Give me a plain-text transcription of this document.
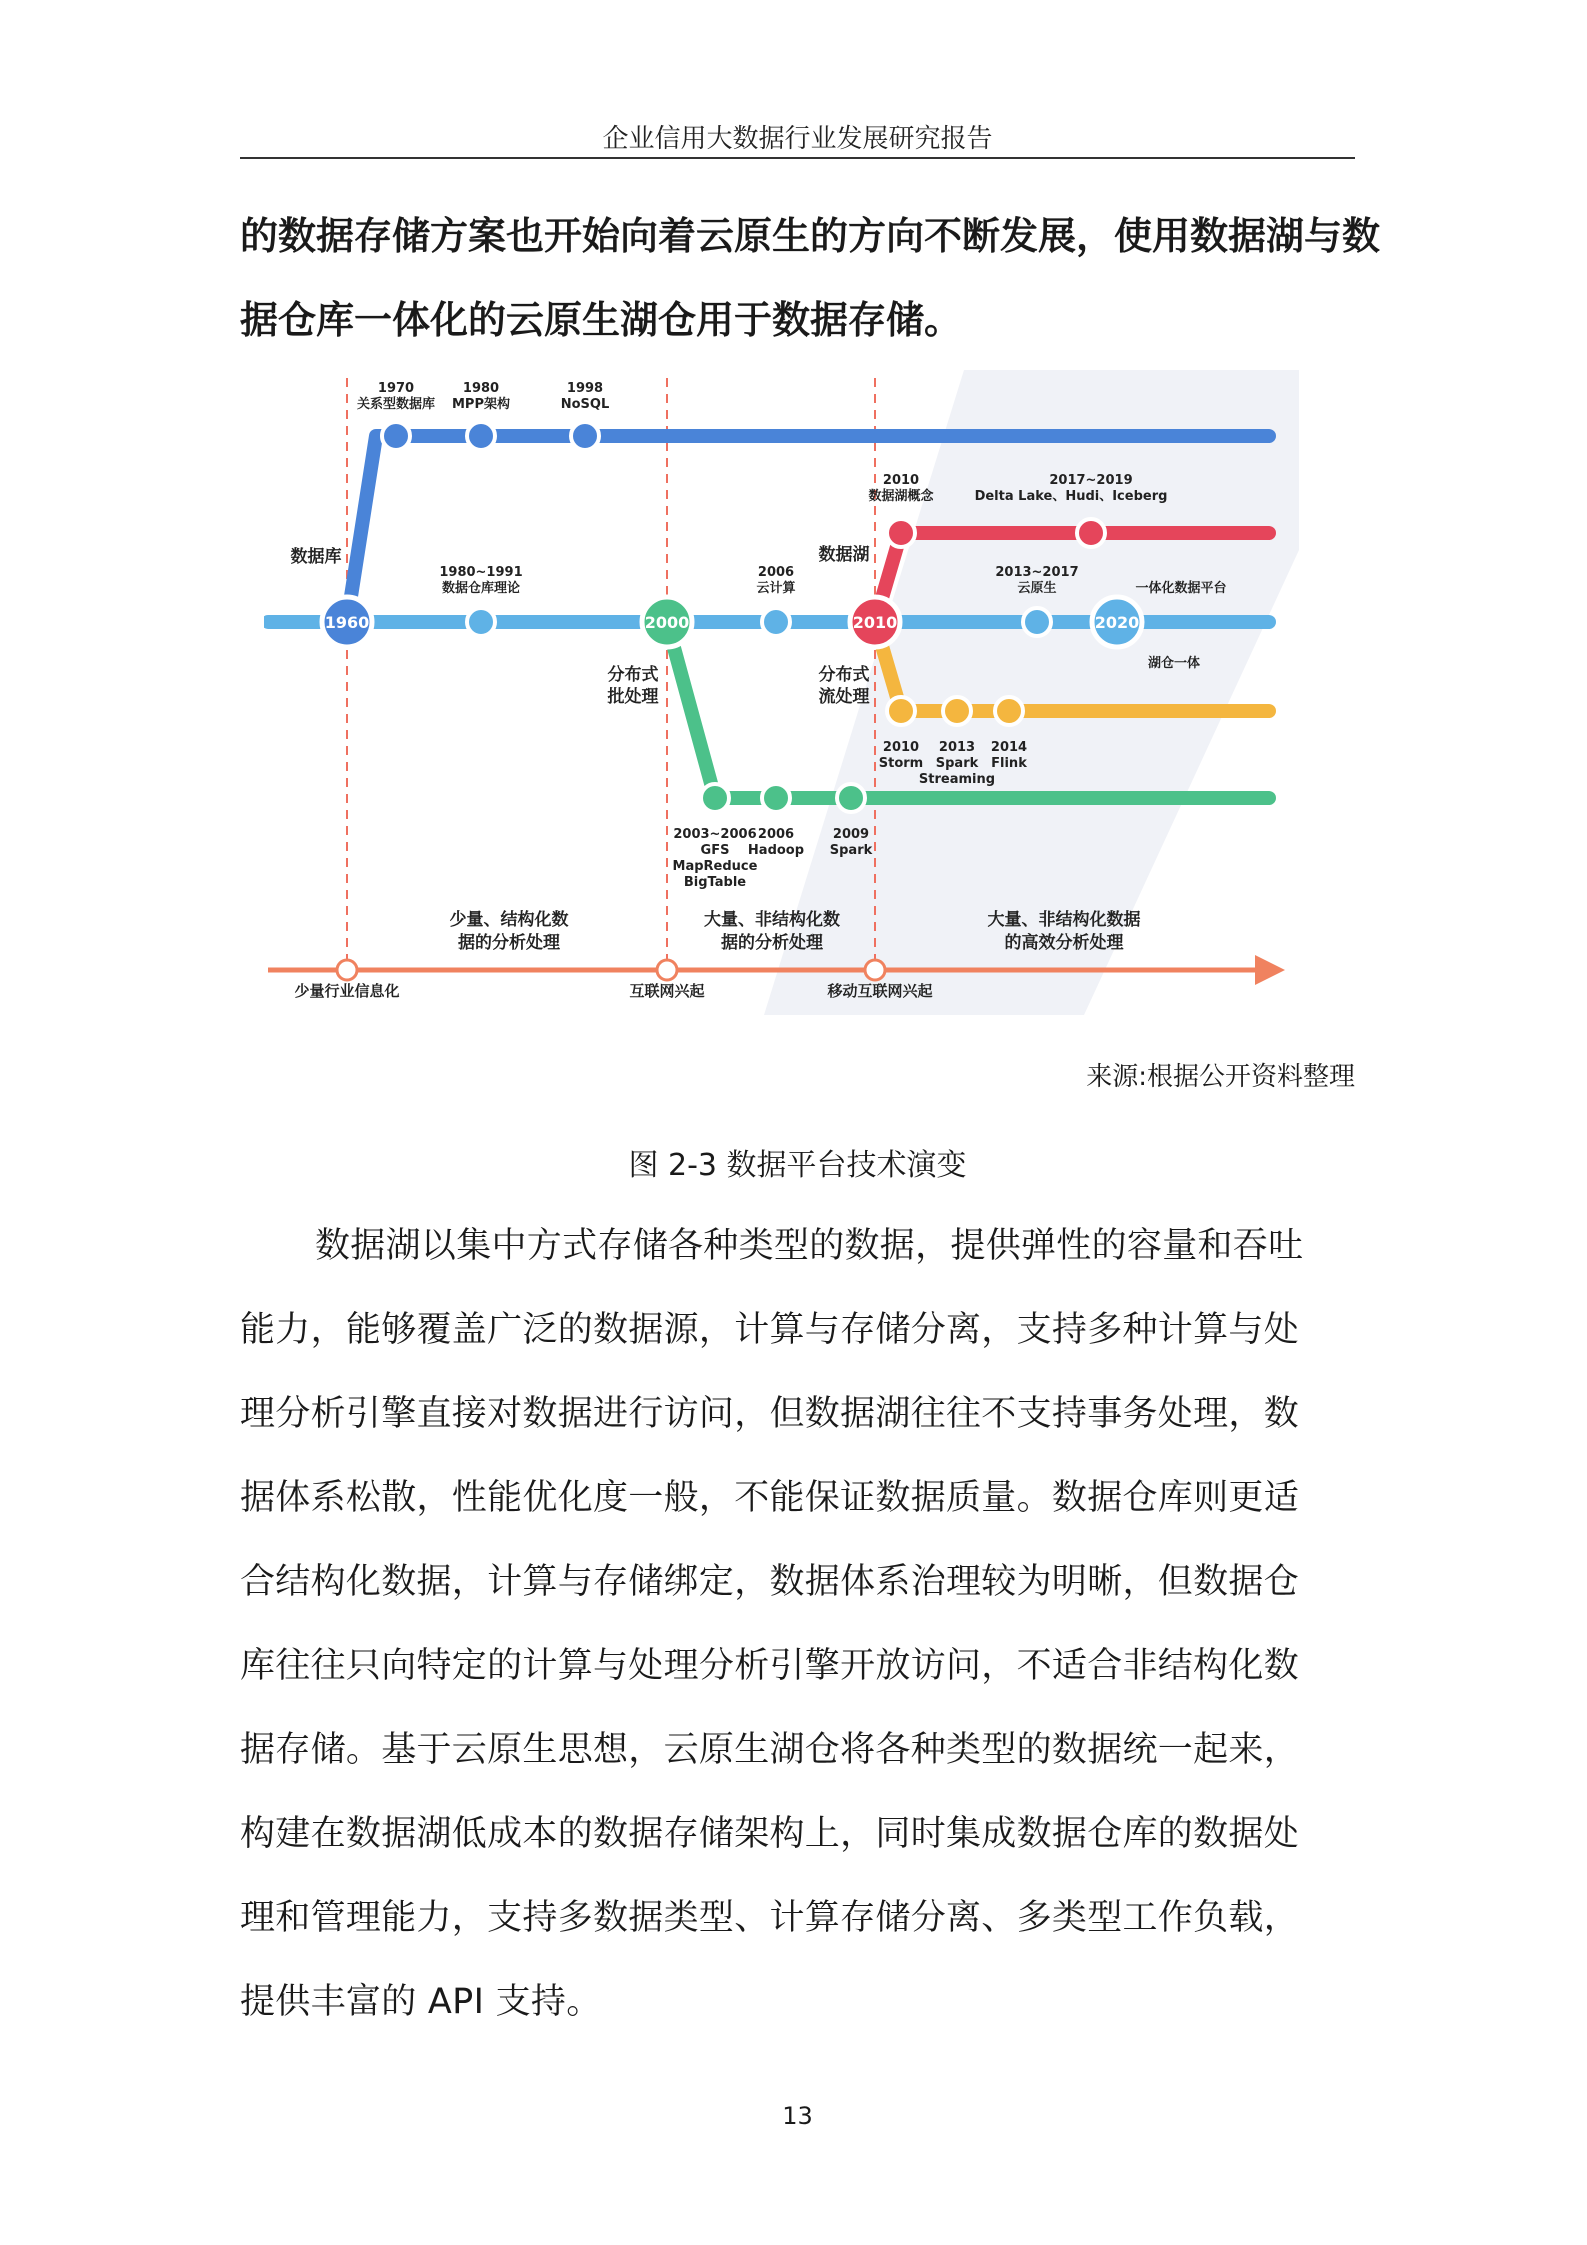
企业信用大数据行业发展研究报告
的数据存储方案也开始向着云原生的方向不断发展，使用数据湖与数
据仓库一体化的云原生湖仓用于数据存储。
1960	2000	2010	2020
1970
关系型数据库
1980
MPP架构
1998
NoSQL
2010
数据湖概念
2017~2019
Delta Lake、Hudi、Iceberg
数据库
1980~1991
数据仓库理论
2006
云计算
数据湖
2013~2017
云原生	一体化数据平台
湖仓一体
分布式
批处理
分布式
流处理
2010
Storm
2013
Spark
Streaming
2014
Flink
2003~2006
GFS
MapReduce
BigTable
2006
Hadoop
2009
Spark
少量、结构化数
据的分析处理
大量、非结构化数
据的分析处理
大量、非结构化数据
的高效分析处理
少量行业信息化	互联网兴起	移动互联网兴起
来源:根据公开资料整理
图 2-3 数据平台技术演变
数据湖以集中方式存储各种类型的数据，提供弹性的容量和吞吐
能力，能够覆盖广泛的数据源，计算与存储分离，支持多种计算与处
理分析引擎直接对数据进行访问，但数据湖往往不支持事务处理，数
据体系松散，性能优化度一般，不能保证数据质量。数据仓库则更适
合结构化数据，计算与存储绑定，数据体系治理较为明晰，但数据仓
库往往只向特定的计算与处理分析引擎开放访问，不适合非结构化数
据存储。基于云原生思想，云原生湖仓将各种类型的数据统一起来，
构建在数据湖低成本的数据存储架构上，同时集成数据仓库的数据处
理和管理能力，支持多数据类型、计算存储分离、多类型工作负载，
提供丰富的 API 支持。
13
